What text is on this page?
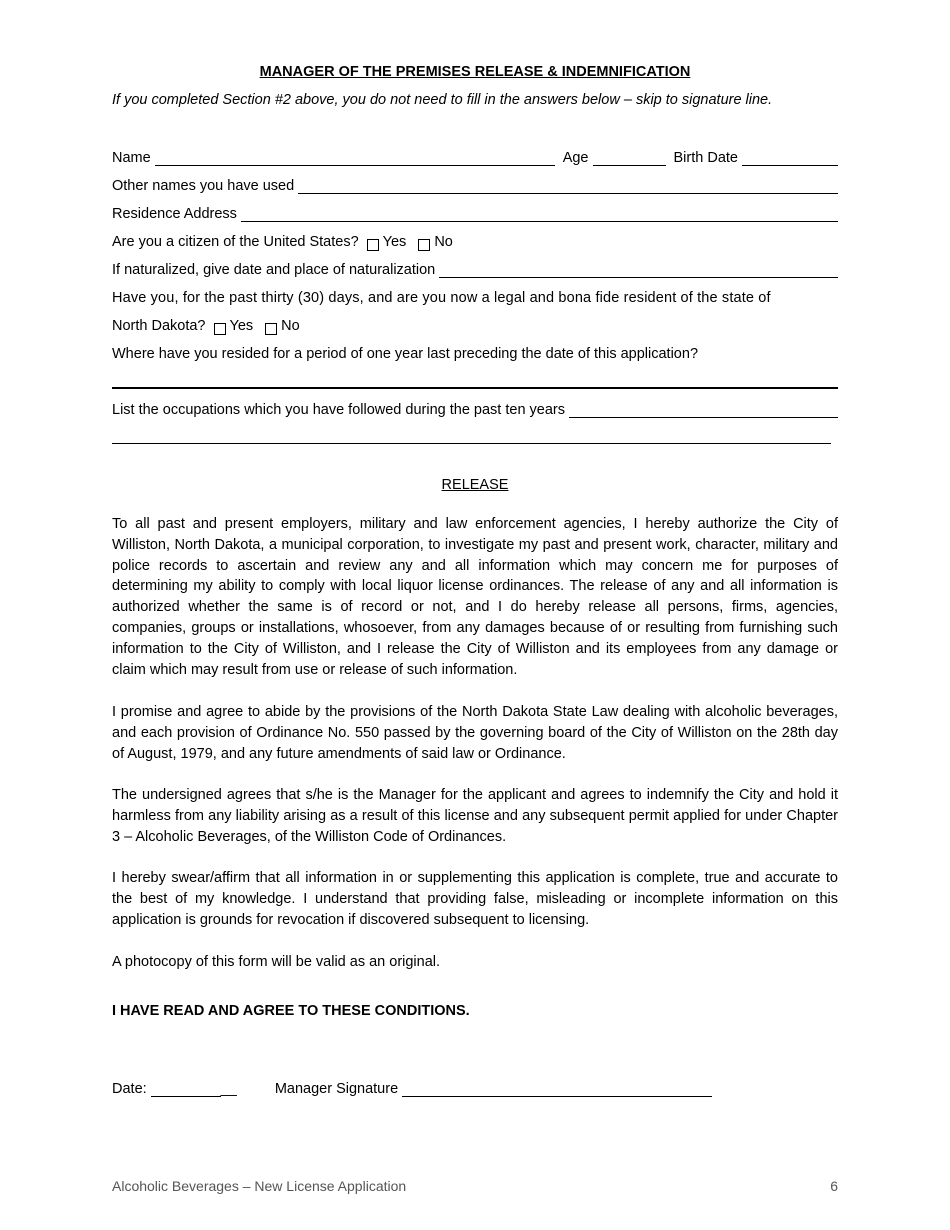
MANAGER OF THE PREMISES RELEASE & INDEMNIFICATION
If you completed Section #2 above, you do not need to fill in the answers below – skip to signature line.
Name	Age	Birth Date
Other names you have used
Residence Address
Are you a citizen of the United States? Yes No
If naturalized, give date and place of naturalization
Have you, for the past thirty (30) days, and are you now a legal and bona fide resident of the state of
North Dakota? Yes No
Where have you resided for a period of one year last preceding the date of this application?
List the occupations which you have followed during the past ten years
RELEASE
To all past and present employers, military and law enforcement agencies, I hereby authorize the City of Williston, North Dakota, a municipal corporation, to investigate my past and present work, character, military and police records to ascertain and review any and all information which may concern me for purposes of determining my ability to comply with local liquor license ordinances. The release of any and all information is authorized whether the same is of record or not, and I do hereby release all persons, firms, agencies, companies, groups or installations, whosoever, from any damages because of or resulting from furnishing such information to the City of Williston, and I release the City of Williston and its employees from any damage or claim which may result from use or release of such information.
I promise and agree to abide by the provisions of the North Dakota State Law dealing with alcoholic beverages, and each provision of Ordinance No. 550 passed by the governing board of the City of Williston on the 28th day of August, 1979, and any future amendments of said law or Ordinance.
The undersigned agrees that s/he is the Manager for the applicant and agrees to indemnify the City and hold it harmless from any liability arising as a result of this license and any subsequent permit applied for under Chapter 3 – Alcoholic Beverages, of the Williston Code of Ordinances.
I hereby swear/affirm that all information in or supplementing this application is complete, true and accurate to the best of my knowledge. I understand that providing false, misleading or incomplete information on this application is grounds for revocation if discovered subsequent to licensing.
A photocopy of this form will be valid as an original.
I HAVE READ AND AGREE TO THESE CONDITIONS.
Date:	__	Manager Signature
Alcoholic Beverages – New License Application	6
